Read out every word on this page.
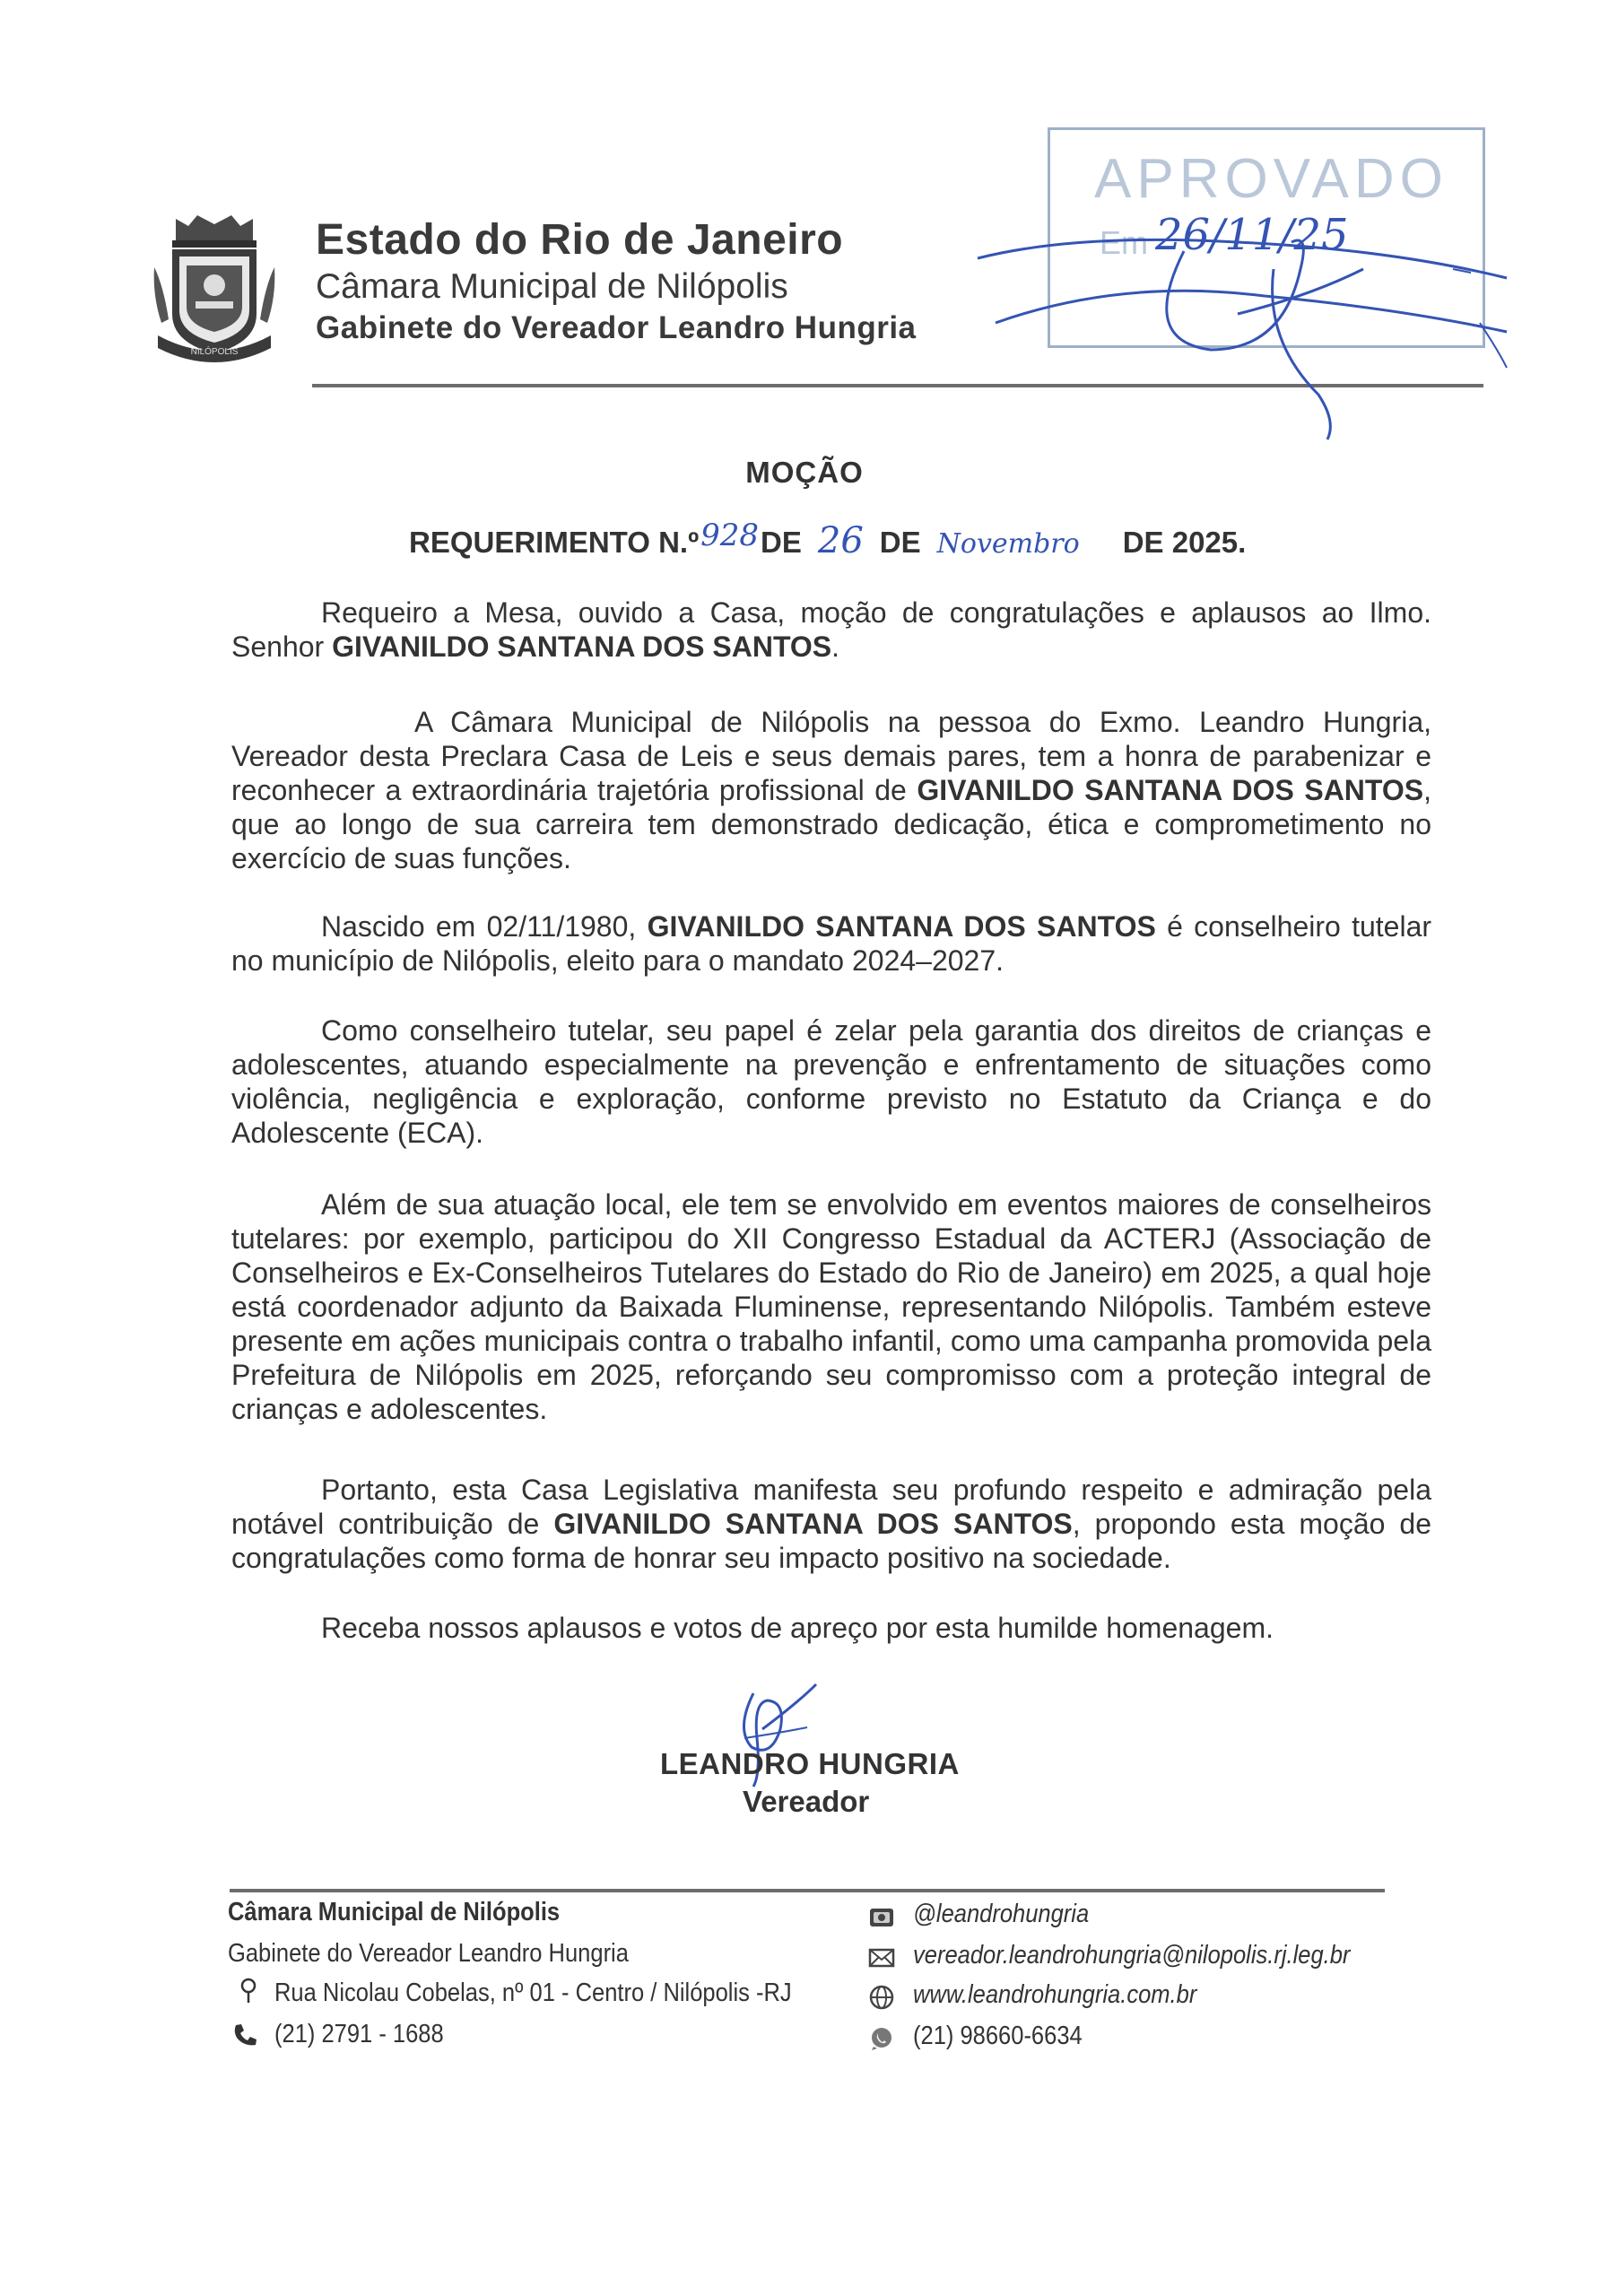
NILÓPOLIS
Estado do Rio de Janeiro
Câmara Municipal de Nilópolis
Gabinete do Vereador Leandro Hungria
APROVADO
Em 26/11/25
MOÇÃO
REQUERIMENTO N.º928DE 26 DE Novembro DE 2025.

Requeiro a Mesa, ouvido a Casa, moção de congratulações e aplausos ao Ilmo. Senhor GIVANILDO SANTANA DOS SANTOS.

A Câmara Municipal de Nilópolis na pessoa do Exmo. Leandro Hungria, Vereador desta Preclara Casa de Leis e seus demais pares, tem a honra de parabenizar e reconhecer a extraordinária trajetória profissional de GIVANILDO SANTANA DOS SANTOS, que ao longo de sua carreira tem demonstrado dedicação, ética e comprometimento no exercício de suas funções.

Nascido em 02/11/1980, GIVANILDO SANTANA DOS SANTOS é conselheiro tutelar no município de Nilópolis, eleito para o mandato 2024–2027.

Como conselheiro tutelar, seu papel é zelar pela garantia dos direitos de crianças e adolescentes, atuando especialmente na prevenção e enfrentamento de situações como violência, negligência e exploração, conforme previsto no Estatuto da Criança e do Adolescente (ECA).

Além de sua atuação local, ele tem se envolvido em eventos maiores de conselheiros tutelares: por exemplo, participou do XII Congresso Estadual da ACTERJ (Associação de Conselheiros e Ex-Conselheiros Tutelares do Estado do Rio de Janeiro) em 2025, a qual hoje está coordenador adjunto da Baixada Fluminense, representando Nilópolis. Também esteve presente em ações municipais contra o trabalho infantil, como uma campanha promovida pela Prefeitura de Nilópolis em 2025, reforçando seu compromisso com a proteção integral de crianças e adolescentes.

Portanto, esta Casa Legislativa manifesta seu profundo respeito e admiração pela notável contribuição de GIVANILDO SANTANA DOS SANTOS, propondo esta moção de congratulações como forma de honrar seu impacto positivo na sociedade.

Receba nossos aplausos e votos de apreço por esta humilde homenagem.

LEANDRO HUNGRIA
Vereador
Câmara Municipal de Nilópolis
Gabinete do Vereador Leandro Hungria
Rua Nicolau Cobelas, nº 01 - Centro / Nilópolis -RJ
(21) 2791 - 1688
@leandrohungria
vereador.leandrohungria@nilopolis.rj.leg.br
www.leandrohungria.com.br
(21) 98660-6634
